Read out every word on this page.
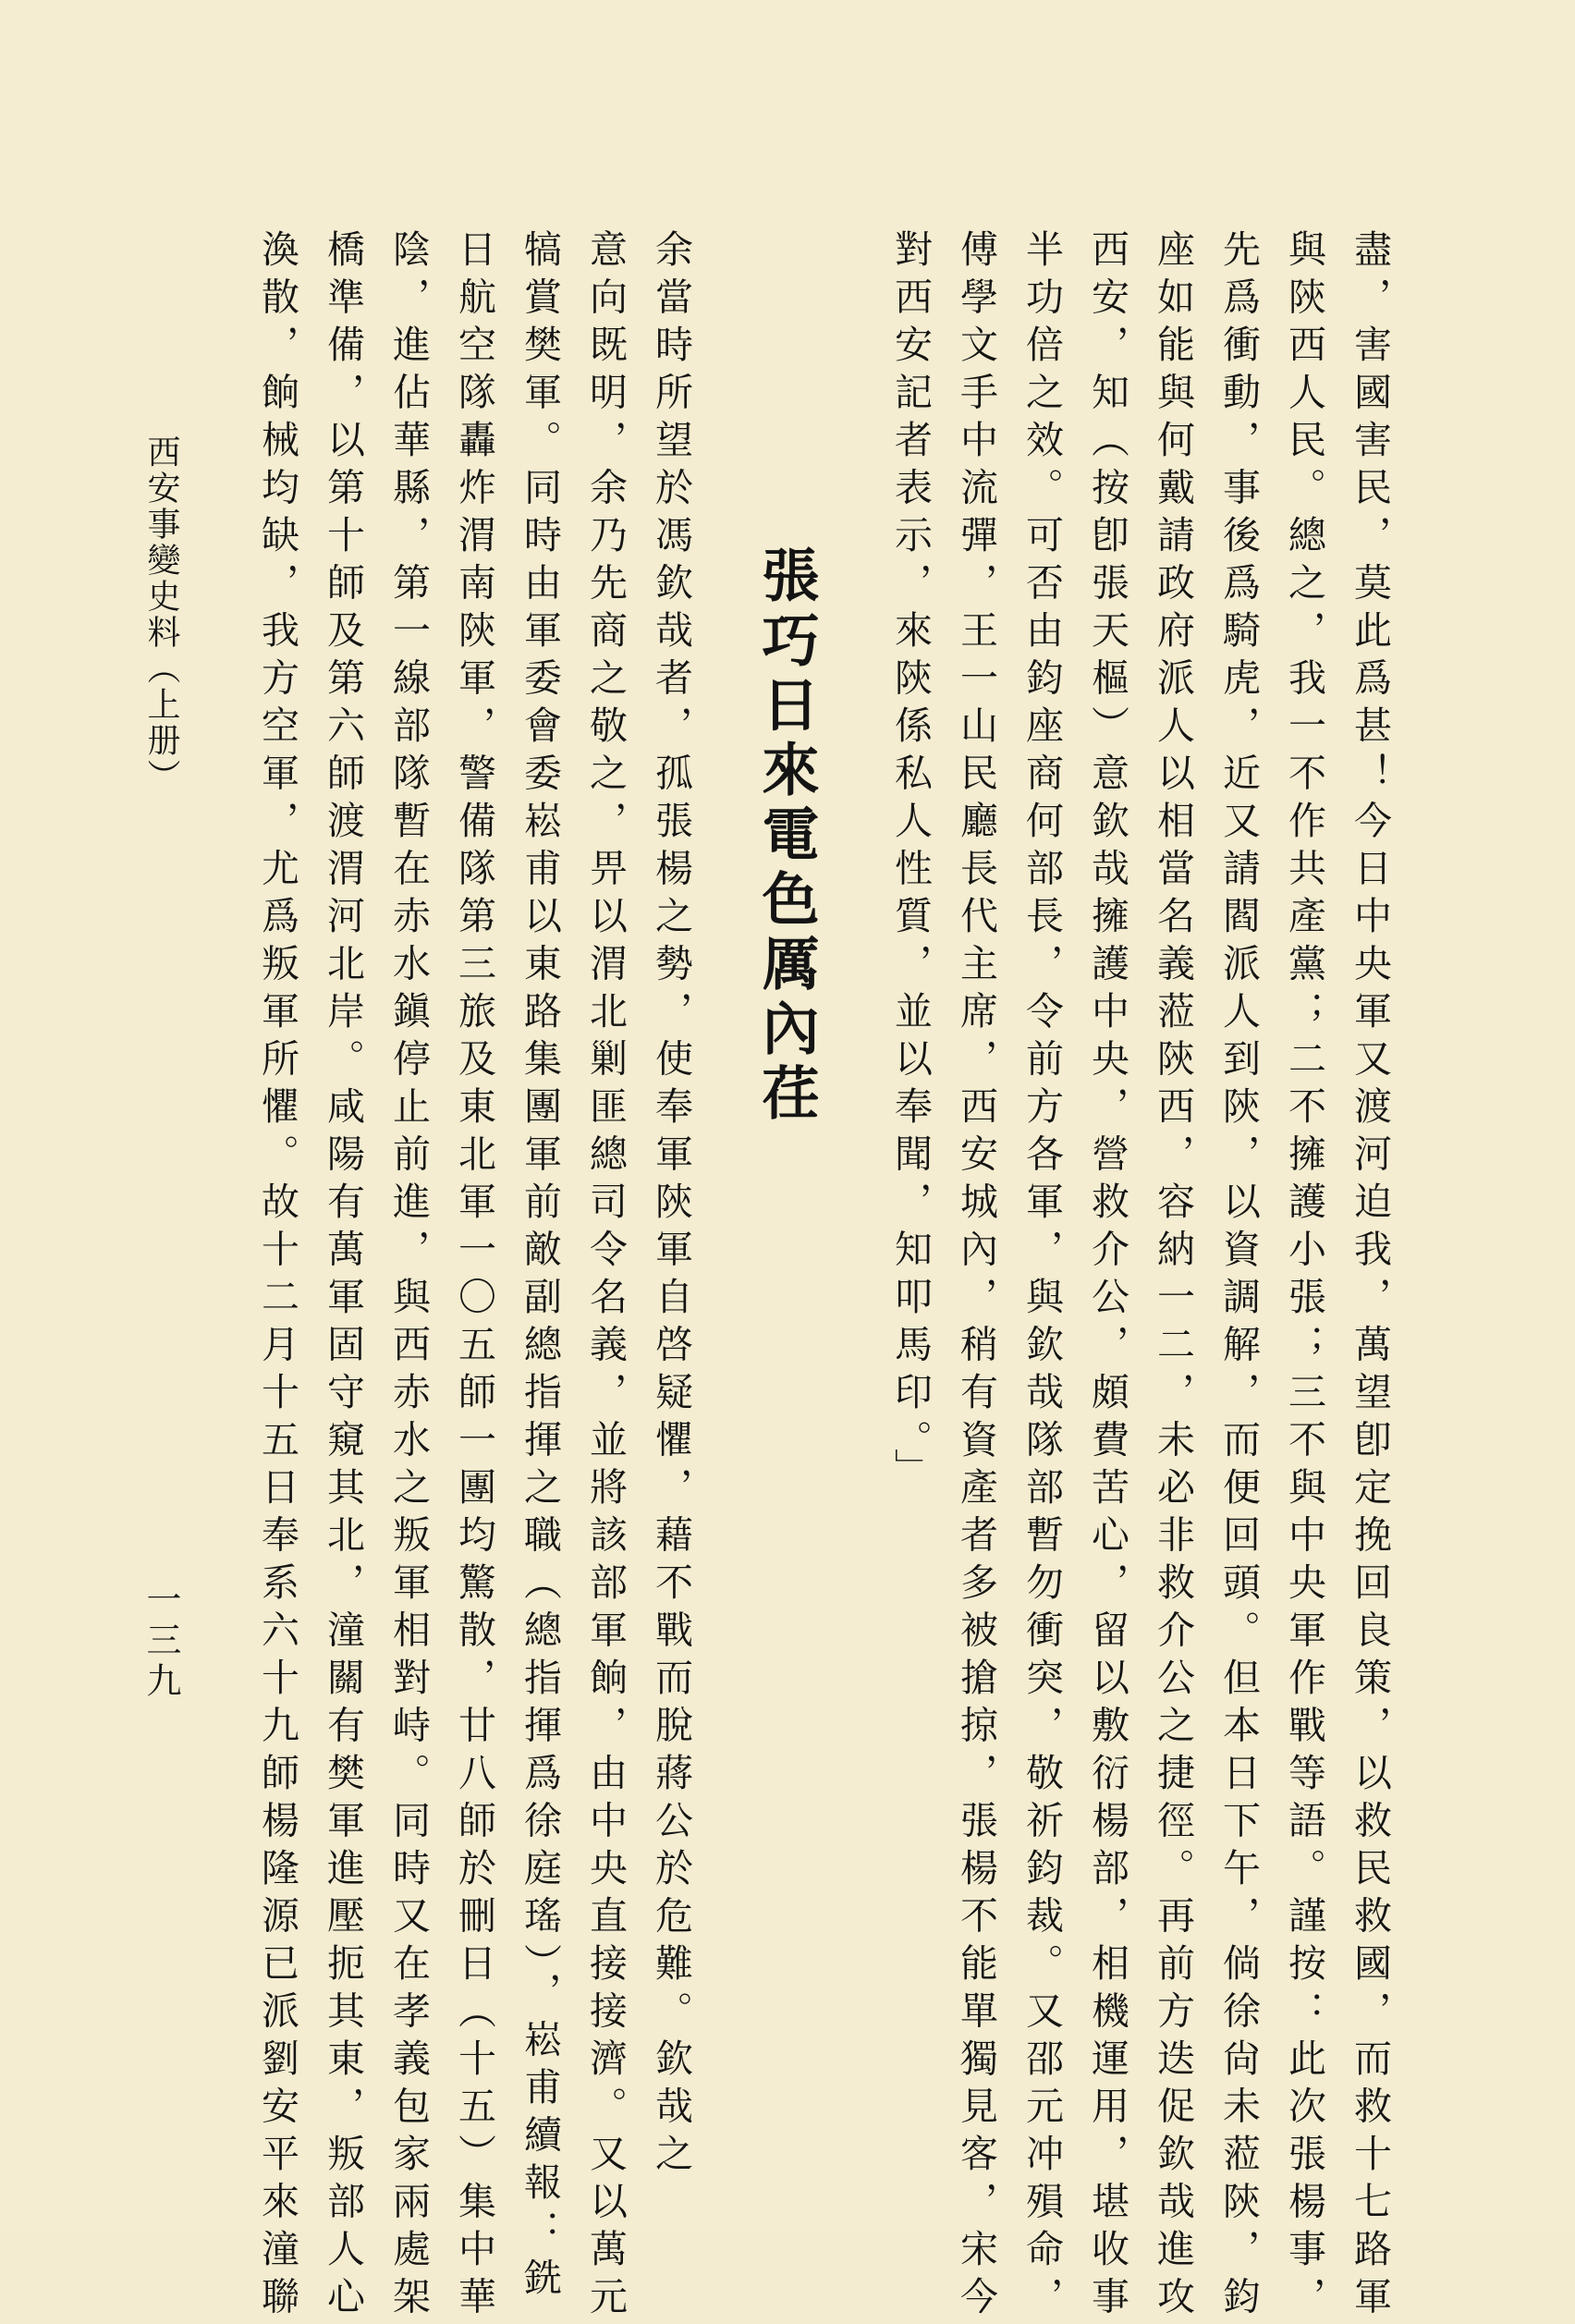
盡，害國害民，莫此爲甚！今日中央軍又渡河迫我，萬望卽定挽回良策，以救民救國，而救十七路軍
與陝西人民。總之，我一不作共產黨；二不擁護小張；三不與中央軍作戰等語。謹按：此次張楊事，
先爲衝動，事後爲騎虎，近又請閻派人到陝，以資調解，而便回頭。但本日下午，倘徐尙未蒞陝，鈞
座如能與何戴請政府派人以相當名義蒞陝西，容納一二，未必非救介公之捷徑。再前方迭促欽哉進攻
西安，知（按卽張天樞）意欽哉擁護中央，營救介公，頗費苦心，留以敷衍楊部，相機運用，堪收事
半功倍之效。可否由鈞座商何部長，令前方各軍，與欽哉隊部暫勿衝突，敬祈鈞裁。又邵元冲殞命，
傅學文手中流彈，王一山民廳長代主席，西安城內，稍有資產者多被搶掠，張楊不能單獨見客，宋今
對西安記者表示，來陝係私人性質，並以奉聞，知叩馬印。」
張巧日來電色厲內荏
余當時所望於馮欽哉者，孤張楊之勢，使奉軍陝軍自啓疑懼，藉不戰而脫蔣公於危難。欽哉之
意向既明，余乃先商之敬之，畀以渭北剿匪總司令名義，並將該部軍餉，由中央直接接濟。又以萬元
犒賞樊軍。同時由軍委會委崧甫以東路集團軍前敵副總指揮之職（總指揮爲徐庭瑤），崧甫續報：銑
日航空隊轟炸渭南陝軍，警備隊第三旅及東北軍一〇五師一團均驚散，廿八師於刪日（十五）集中華
陰，進佔華縣，第一線部隊暫在赤水鎭停止前進，與西赤水之叛軍相對峙。同時又在孝義包家兩處架
橋準備，以第十師及第六師渡渭河北岸。咸陽有萬軍固守窺其北，潼關有樊軍進壓扼其東，叛部人心
渙散，餉械均缺，我方空軍，尤爲叛軍所懼。故十二月十五日奉系六十九師楊隆源已派劉安平來潼聯
西安事變史料（上册）
一三九
